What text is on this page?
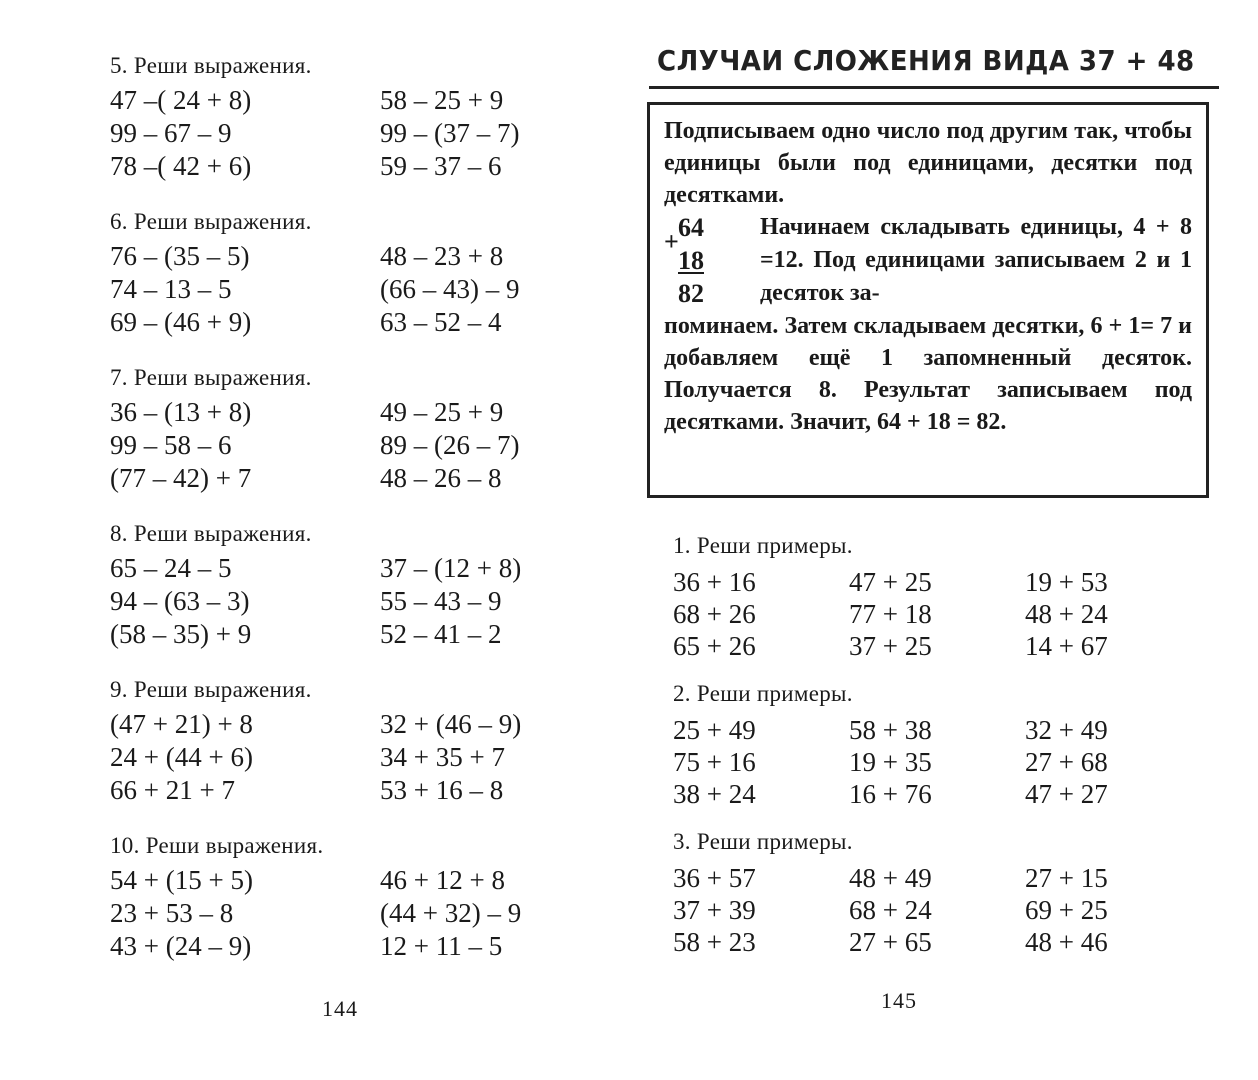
5. Реши выражения.
47 –( 24 + 8)	58 – 25 + 9
99 – 67 – 9	99 – (37 – 7)
78 –( 42 + 6)	59 – 37 – 6
6. Реши выражения.
76 – (35 – 5)	48 – 23 + 8
74 – 13 – 5	(66 – 43) – 9
69 – (46 + 9)	63 – 52 – 4
7. Реши выражения.
36 – (13 + 8)	49 – 25 + 9
99 – 58 – 6	89 – (26 – 7)
(77 – 42) + 7	48 – 26 – 8
8. Реши выражения.
65 – 24 – 5	37 – (12 + 8)
94 – (63 – 3)	55 – 43 – 9
(58 – 35) + 9	52 – 41 – 2
9. Реши выражения.
(47 + 21) + 8	32 + (46 – 9)
24 + (44 + 6)	34 + 35 + 7
66 + 21 + 7	53 + 16 – 8
10. Реши выражения.
54 + (15 + 5)	46 + 12 + 8
23 + 53 – 8	(44 + 32) – 9
43 + (24 – 9)	12 + 11 – 5
144
СЛУЧАИ СЛОЖЕНИЯ ВИДА 37 + 48

Подписываем одно число под другим так, чтобы единицы были под единицами, десятки под десятками.

+ 64
18
82

Начинаем складывать единицы, 4 + 8 =12. Под единицами записываем 2 и 1 десяток за-

поминаем. Затем складываем десятки, 6 + 1= 7 и добавляем ещё 1 запомненный десяток. Получается 8. Результат записываем под десятками. Значит, 64 + 18 = 82.

1. Реши примеры.
36 + 16	47 + 25	19 + 53
68 + 26	77 + 18	48 + 24
65 + 26	37 + 25	14 + 67
2. Реши примеры.
25 + 49	58 + 38	32 + 49
75 + 16	19 + 35	27 + 68
38 + 24	16 + 76	47 + 27
3. Реши примеры.
36 + 57	48 + 49	27 + 15
37 + 39	68 + 24	69 + 25
58 + 23	27 + 65	48 + 46
145
